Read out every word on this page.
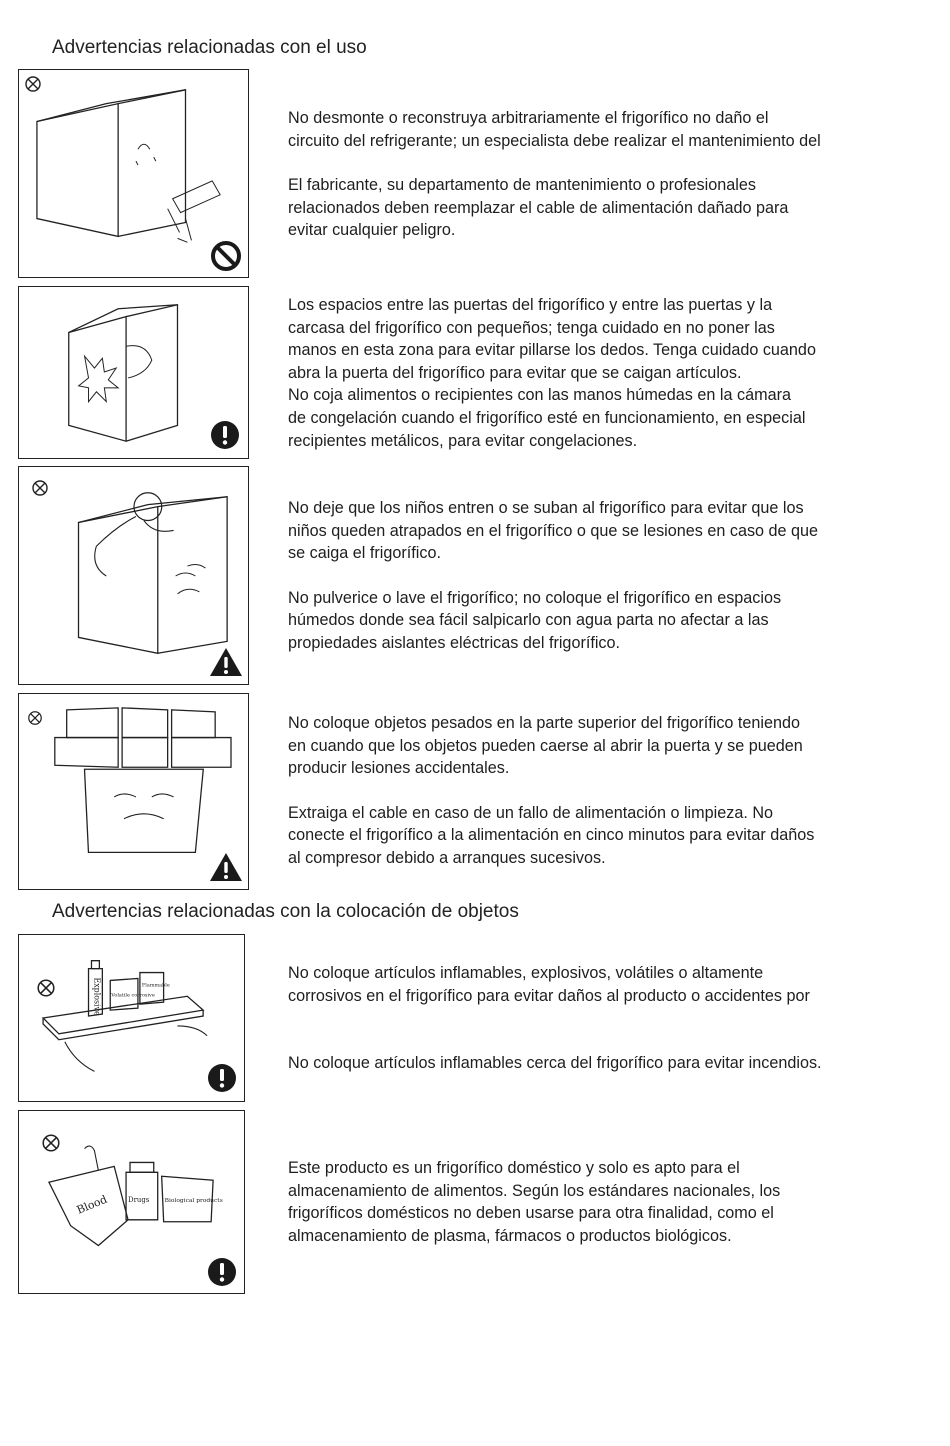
Advertencias relacionadas con el uso
Advertencias relacionadas con la colocación de objetos

No desmonte o reconstruya arbitrariamente el frigorífico no daño el

circuito del refrigerante; un especialista debe realizar el mantenimiento del

El fabricante, su departamento de mantenimiento o profesionales

relacionados deben reemplazar el cable de alimentación dañado para

evitar cualquier peligro.

Los espacios entre las puertas del frigorífico y entre las puertas y la

carcasa del frigorífico con pequeños; tenga cuidado en no poner las

manos en esta zona para evitar pillarse los dedos. Tenga cuidado cuando

abra la puerta del frigorífico para evitar que se caigan artículos.

No coja alimentos o recipientes con las manos húmedas en la cámara

de congelación cuando el frigorífico esté en funcionamiento, en especial

recipientes metálicos, para evitar congelaciones.

No deje que los niños entren o se suban al frigorífico para evitar que los

niños queden atrapados en el frigorífico o que se lesiones en caso de que

se caiga el frigorífico.

No pulverice o lave el frigorífico; no coloque el frigorífico en espacios

húmedos donde sea fácil salpicarlo con agua parta no afectar a las

propiedades aislantes eléctricas del frigorífico.

No coloque objetos pesados en la parte superior del frigorífico teniendo

en cuando que los objetos pueden caerse al abrir la puerta y se pueden

producir lesiones accidentales.

Extraiga el cable en caso de un fallo de alimentación o limpieza. No

conecte el frigorífico a la alimentación en cinco minutos para evitar daños

al compresor debido a arranques sucesivos.

Explosive Volatile corrosive
Flammable

No coloque artículos inflamables, explosivos, volátiles o altamente

corrosivos en el frigorífico para evitar daños al producto o accidentes por

No coloque artículos inflamables cerca del frigorífico para evitar incendios.

Blood	Drugs	Biological products

Este producto es un frigorífico doméstico y solo es apto para el

almacenamiento de alimentos. Según los estándares nacionales, los

frigoríficos domésticos no deben usarse para otra finalidad, como el

almacenamiento de plasma, fármacos o productos biológicos.
